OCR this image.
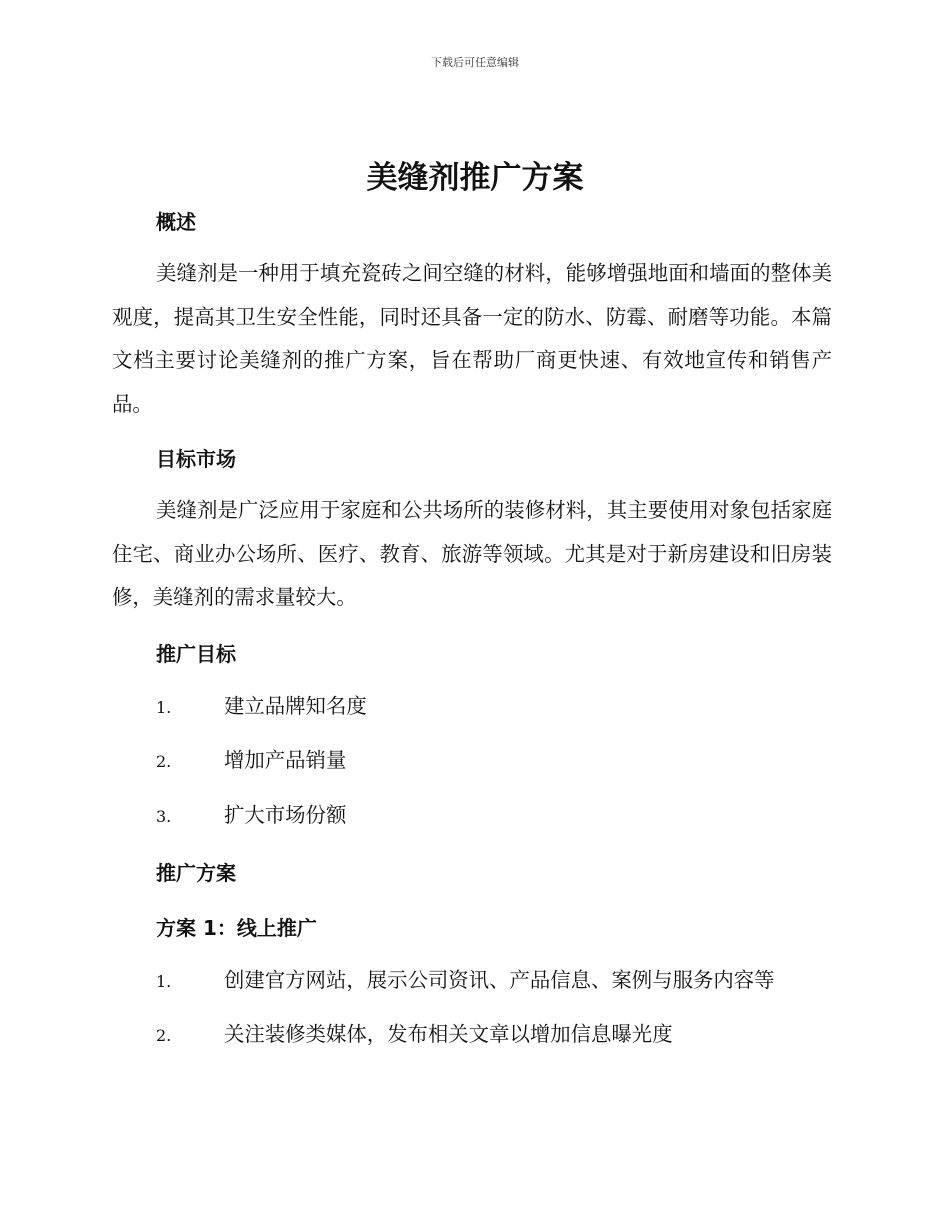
下载后可任意编辑
美缝剂推广方案
概述

美缝剂是一种用于填充瓷砖之间空缝的材料，能够增强地面和墙面的整体美观度，提高其卫生安全性能，同时还具备一定的防水、防霉、耐磨等功能。本篇文档主要讨论美缝剂的推广方案，旨在帮助厂商更快速、有效地宣传和销售产品。

目标市场

美缝剂是广泛应用于家庭和公共场所的装修材料，其主要使用对象包括家庭住宅、商业办公场所、医疗、教育、旅游等领域。尤其是对于新房建设和旧房装修，美缝剂的需求量较大。

推广目标
1.	建立品牌知名度
2.	增加产品销量
3.	扩大市场份额
推广方案
方案 1：线上推广
1.	创建官方网站，展示公司资讯、产品信息、案例与服务内容等
2.	关注装修类媒体，发布相关文章以增加信息曝光度
